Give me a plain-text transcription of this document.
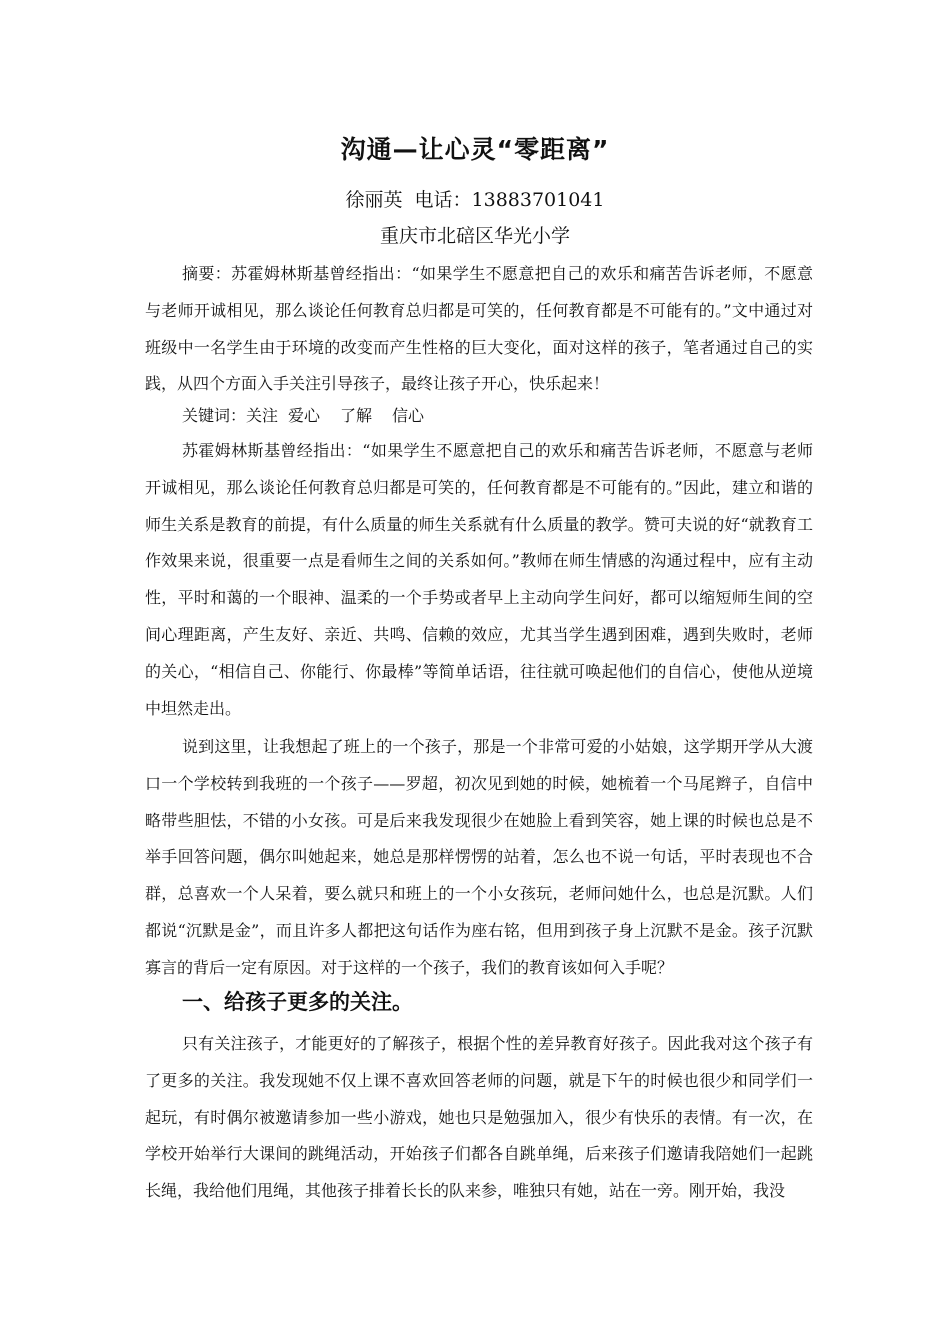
沟通—让心灵“零距离”
徐丽英 电话：13883701041
重庆市北碚区华光小学

摘要：苏霍姆林斯基曾经指出：“如果学生不愿意把自己的欢乐和痛苦告诉老师，不愿意与老师开诚相见，那么谈论任何教育总归都是可笑的，任何教育都是不可能有的。”文中通过对班级中一名学生由于环境的改变而产生性格的巨大变化，面对这样的孩子，笔者通过自己的实践，从四个方面入手关注引导孩子，最终让孩子开心，快乐起来！

关键词：关注 爱心 了解 信心

苏霍姆林斯基曾经指出：“如果学生不愿意把自己的欢乐和痛苦告诉老师，不愿意与老师开诚相见，那么谈论任何教育总归都是可笑的，任何教育都是不可能有的。”因此，建立和谐的师生关系是教育的前提，有什么质量的师生关系就有什么质量的教学。赞可夫说的好“就教育工作效果来说，很重要一点是看师生之间的关系如何。”教师在师生情感的沟通过程中，应有主动性，平时和蔼的一个眼神、温柔的一个手势或者早上主动向学生问好，都可以缩短师生间的空间心理距离，产生友好、亲近、共鸣、信赖的效应，尤其当学生遇到困难，遇到失败时，老师的关心，“相信自己、你能行、你最棒”等简单话语，往往就可唤起他们的自信心，使他从逆境中坦然走出。

说到这里，让我想起了班上的一个孩子，那是一个非常可爱的小姑娘，这学期开学从大渡口一个学校转到我班的一个孩子——罗超，初次见到她的时候，她梳着一个马尾辫子，自信中略带些胆怯，不错的小女孩。可是后来我发现很少在她脸上看到笑容，她上课的时候也总是不举手回答问题，偶尔叫她起来，她总是那样愣愣的站着，怎么也不说一句话，平时表现也不合群，总喜欢一个人呆着，要么就只和班上的一个小女孩玩，老师问她什么，也总是沉默。人们都说“沉默是金”，而且许多人都把这句话作为座右铭，但用到孩子身上沉默不是金。孩子沉默寡言的背后一定有原因。对于这样的一个孩子，我们的教育该如何入手呢？

一、给孩子更多的关注。

只有关注孩子，才能更好的了解孩子，根据个性的差异教育好孩子。因此我对这个孩子有了更多的关注。我发现她不仅上课不喜欢回答老师的问题，就是下午的时候也很少和同学们一起玩，有时偶尔被邀请参加一些小游戏，她也只是勉强加入，很少有快乐的表情。有一次，在学校开始举行大课间的跳绳活动，开始孩子们都各自跳单绳，后来孩子们邀请我陪她们一起跳长绳，我给他们甩绳，其他孩子排着长长的队来参，唯独只有她，站在一旁。刚开始，我没
